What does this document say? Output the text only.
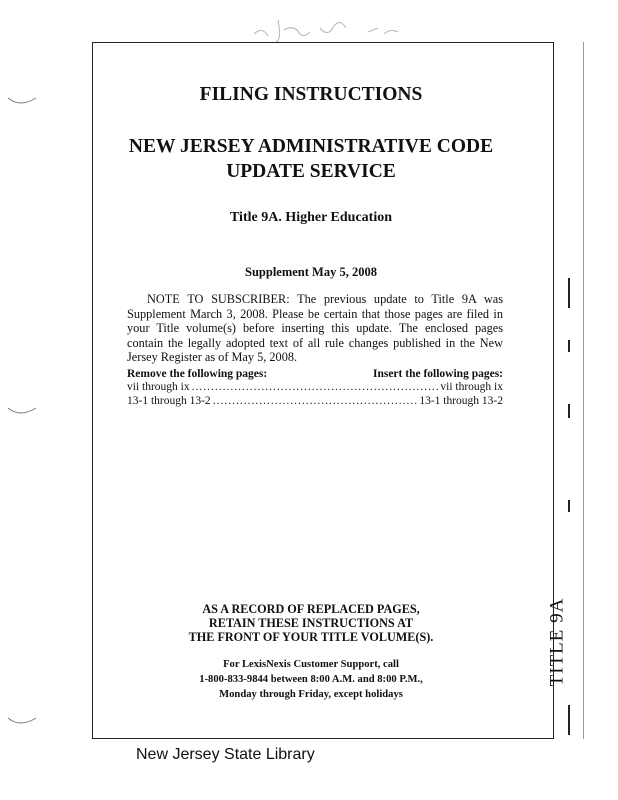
FILING INSTRUCTIONS
NEW JERSEY ADMINISTRATIVE CODE
UPDATE SERVICE
Title 9A. Higher Education
Supplement May 5, 2008
NOTE TO SUBSCRIBER: The previous update to Title 9A was Supplement March 3, 2008. Please be certain that those pages are filed in your Title volume(s) before inserting this update. The enclosed pages contain the legally adopted text of all rule changes published in the New Jersey Register as of May 5, 2008.
Remove the following pages:	Insert the following pages:
vii through ix .....	vii through ix
13-1 through 13-2 .....	13-1 through 13-2
AS A RECORD OF REPLACED PAGES,
RETAIN THESE INSTRUCTIONS AT
THE FRONT OF YOUR TITLE VOLUME(S).
For LexisNexis Customer Support, call
1-800-833-9844 between 8:00 A.M. and 8:00 P.M.,
Monday through Friday, except holidays
TITLE 9A
New Jersey State Library
